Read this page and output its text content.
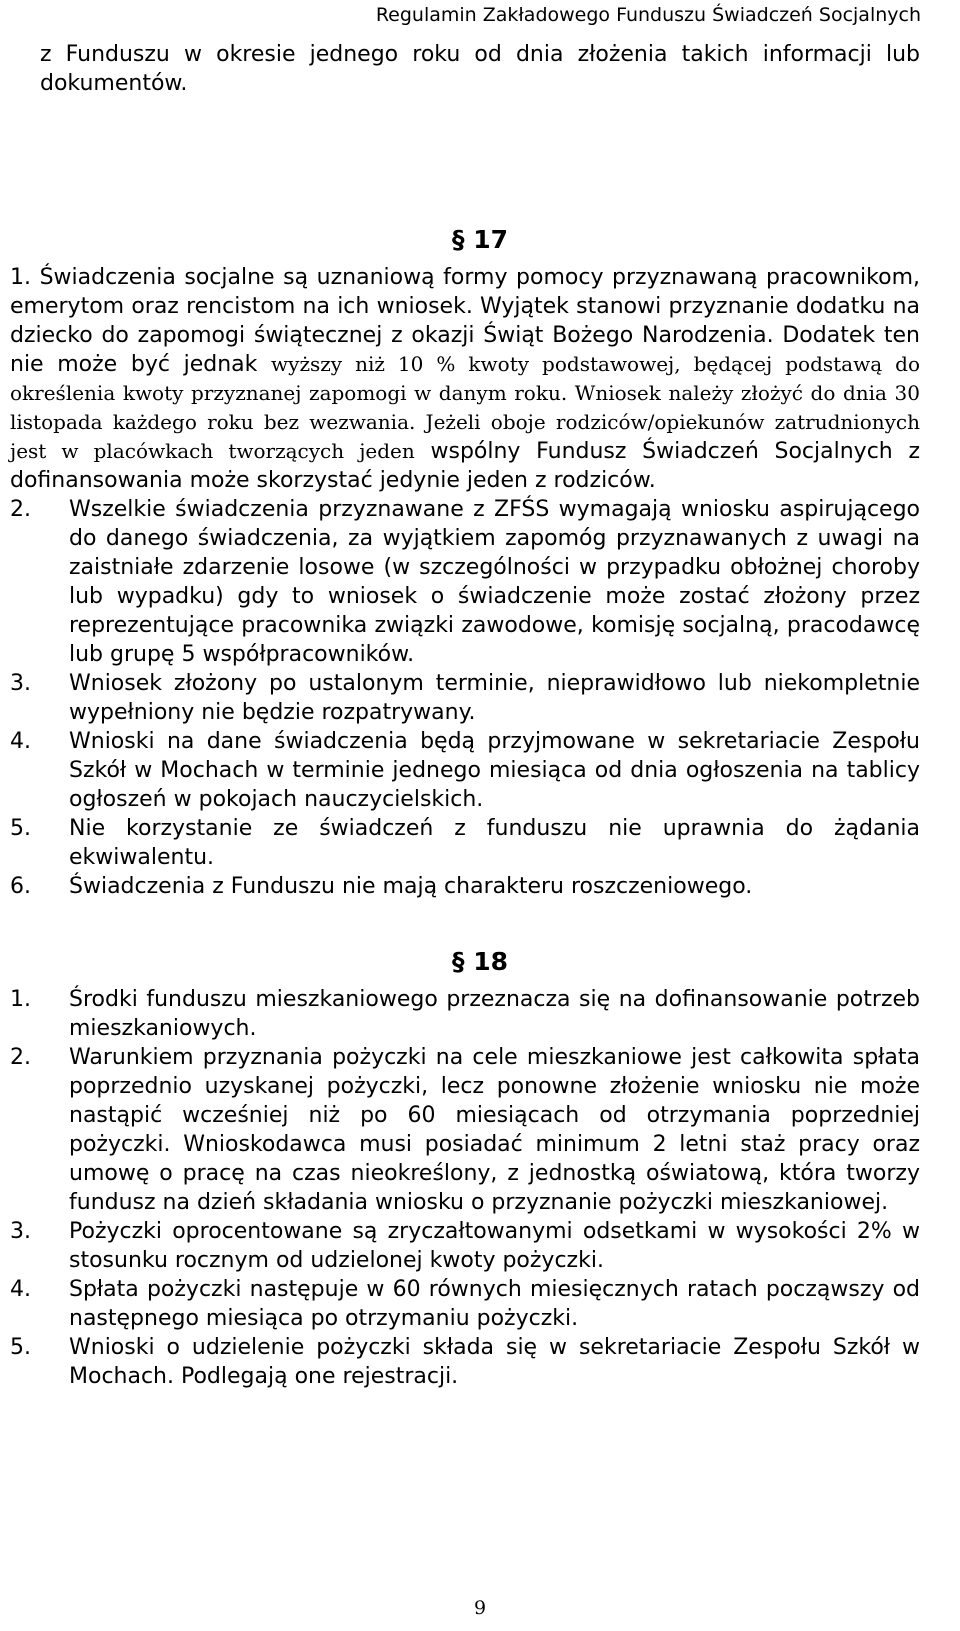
Regulamin Zakładowego Funduszu Świadczeń Socjalnych

z Funduszu w okresie jednego roku od dnia złożenia takich informacji lub dokumentów.

§ 17
1. Świadczenia socjalne są uznaniową formy pomocy przyznawaną pracownikom, emerytom oraz rencistom na ich wniosek. Wyjątek stanowi przyznanie dodatku na dziecko do zapomogi świątecznej z okazji Świąt Bożego Narodzenia. Dodatek ten nie może być jednak wyższy niż 10 % kwoty podstawowej, będącej podstawą do określenia kwoty przyznanej zapomogi w danym roku. Wniosek należy złożyć do dnia 30 listopada każdego roku bez wezwania. Jeżeli oboje rodziców/opiekunów zatrudnionych jest w placówkach tworzących jeden wspólny Fundusz Świadczeń Socjalnych z dofinansowania może skorzystać jedynie jeden z rodziców.
2.	Wszelkie świadczenia przyznawane z ZFŚS wymagają wniosku aspirującego do danego świadczenia, za wyjątkiem zapomóg przyznawanych z uwagi na zaistniałe zdarzenie losowe (w szczególności w przypadku obłożnej choroby lub wypadku) gdy to wniosek o świadczenie może zostać złożony przez reprezentujące pracownika związki zawodowe, komisję socjalną, pracodawcę lub grupę 5 współpracowników.
3.	Wniosek złożony po ustalonym terminie, nieprawidłowo lub niekompletnie wypełniony nie będzie rozpatrywany.
4.	Wnioski na dane świadczenia będą przyjmowane w sekretariacie Zespołu Szkół w Mochach w terminie jednego miesiąca od dnia ogłoszenia na tablicy ogłoszeń w pokojach nauczycielskich.
5.	Nie korzystanie ze świadczeń z funduszu nie uprawnia do żądania ekwiwalentu.
6.	Świadczenia z Funduszu nie mają charakteru roszczeniowego.
§ 18
1.	Środki funduszu mieszkaniowego przeznacza się na dofinansowanie potrzeb mieszkaniowych.
2.	Warunkiem przyznania pożyczki na cele mieszkaniowe jest całkowita spłata poprzednio uzyskanej pożyczki, lecz ponowne złożenie wniosku nie może nastąpić wcześniej niż po 60 miesiącach od otrzymania poprzedniej pożyczki. Wnioskodawca musi posiadać minimum 2 letni staż pracy oraz umowę o pracę na czas nieokreślony, z jednostką oświatową, która tworzy fundusz na dzień składania wniosku o przyznanie pożyczki mieszkaniowej.
3.	Pożyczki oprocentowane są zryczałtowanymi odsetkami w wysokości 2% w stosunku rocznym od udzielonej kwoty pożyczki.
4.	Spłata pożyczki następuje w 60 równych miesięcznych ratach począwszy od następnego miesiąca po otrzymaniu pożyczki.
5.	Wnioski o udzielenie pożyczki składa się w sekretariacie Zespołu Szkół w Mochach. Podlegają one rejestracji.
9
